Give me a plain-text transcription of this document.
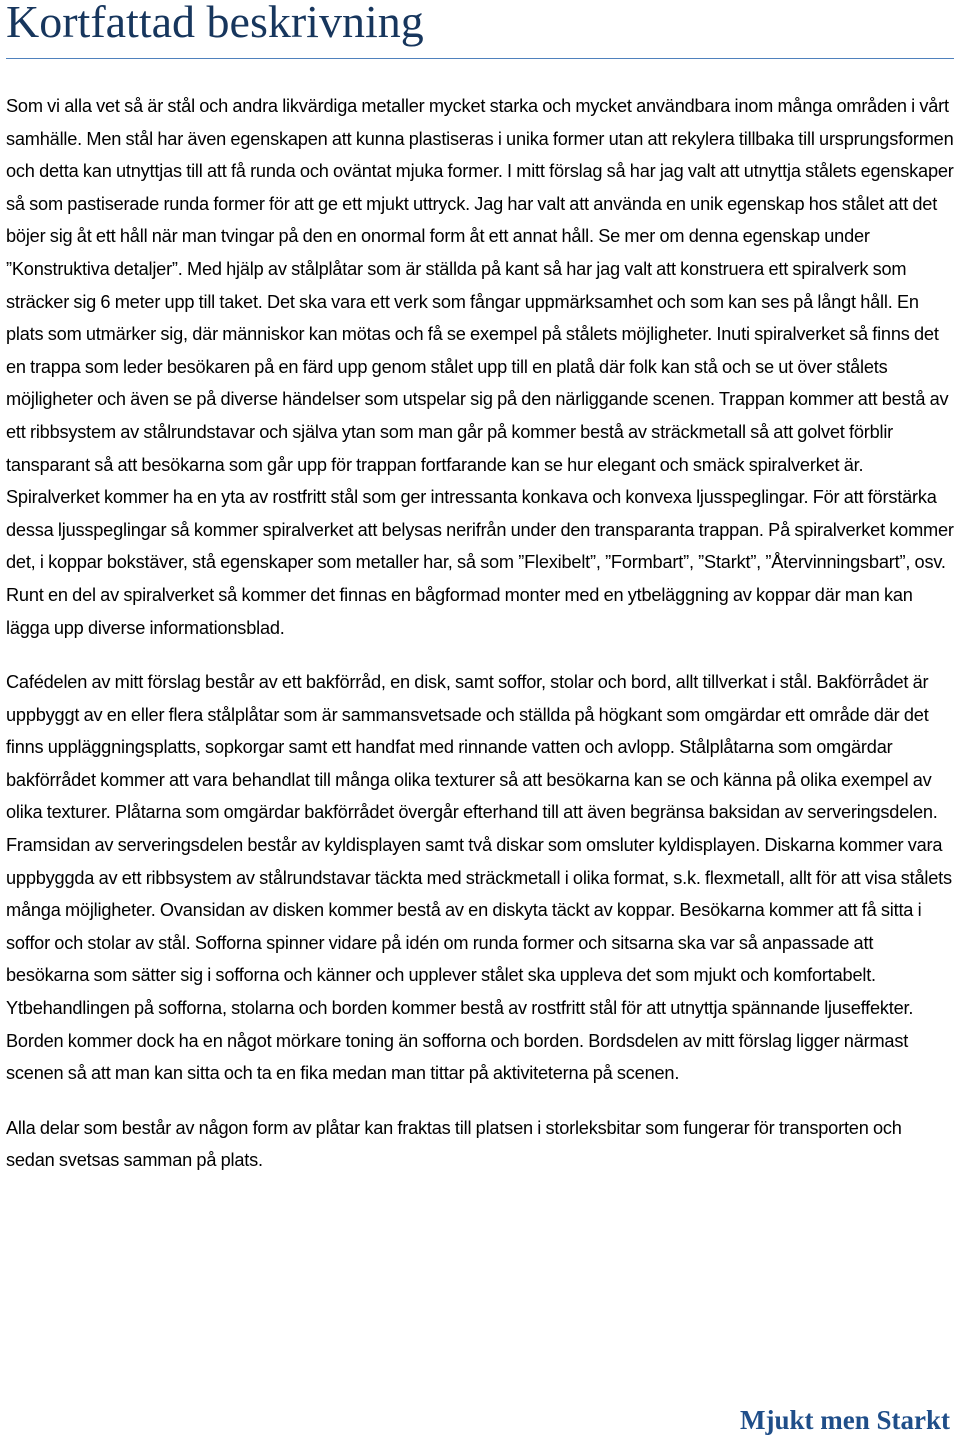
Kortfattad beskrivning

Som vi alla vet så är stål och andra likvärdiga metaller mycket starka och mycket användbara inom många områden i vårt samhälle. Men stål har även egenskapen att kunna plastiseras i unika former utan att rekylera tillbaka till ursprungsformen och detta kan utnyttjas till att få runda och oväntat mjuka former. I mitt förslag så har jag valt att utnyttja stålets egenskaper så som pastiserade runda former för att ge ett mjukt uttryck. Jag har valt att använda en unik egenskap hos stålet att det böjer sig åt ett håll när man tvingar på den en onormal form åt ett annat håll. Se mer om denna egenskap under ”Konstruktiva detaljer”. Med hjälp av stålplåtar som är ställda på kant så har jag valt att konstruera ett spiralverk som sträcker sig 6 meter upp till taket. Det ska vara ett verk som fångar uppmärksamhet och som kan ses på långt håll. En plats som utmärker sig, där människor kan mötas och få se exempel på stålets möjligheter. Inuti spiralverket så finns det en trappa som leder besökaren på en färd upp genom stålet upp till en platå där folk kan stå och se ut över stålets möjligheter och även se på diverse händelser som utspelar sig på den närliggande scenen. Trappan kommer att bestå av ett ribbsystem av stålrundstavar och själva ytan som man går på kommer bestå av sträckmetall så att golvet förblir tansparant så att besökarna som går upp för trappan fortfarande kan se hur elegant och smäck spiralverket är. Spiralverket kommer ha en yta av rostfritt stål som ger intressanta konkava och konvexa ljusspeglingar. För att förstärka dessa ljusspeglingar så kommer spiralverket att belysas nerifrån under den transparanta trappan. På spiralverket kommer det, i koppar bokstäver, stå egenskaper som metaller har, så som ”Flexibelt”, ”Formbart”, ”Starkt”, ”Återvinningsbart”, osv. Runt en del av spiralverket så kommer det finnas en bågformad monter med en ytbeläggning av koppar där man kan lägga upp diverse informationsblad.

Cafédelen av mitt förslag består av ett bakförråd, en disk, samt soffor, stolar och bord, allt tillverkat i stål. Bakförrådet är uppbyggt av en eller flera stålplåtar som är sammansvetsade och ställda på högkant som omgärdar ett område där det finns uppläggningsplatts, sopkorgar samt ett handfat med rinnande vatten och avlopp. Stålplåtarna som omgärdar bakförrådet kommer att vara behandlat till många olika texturer så att besökarna kan se och känna på olika exempel av olika texturer. Plåtarna som omgärdar bakförrådet övergår efterhand till att även begränsa baksidan av serveringsdelen. Framsidan av serveringsdelen består av kyldisplayen samt två diskar som omsluter kyldisplayen. Diskarna kommer vara uppbyggda av ett ribbsystem av stålrundstavar täckta med sträckmetall i olika format, s.k. flexmetall, allt för att visa stålets många möjligheter. Ovansidan av disken kommer bestå av en diskyta täckt av koppar. Besökarna kommer att få sitta i soffor och stolar av stål. Sofforna spinner vidare på idén om runda former och sitsarna ska var så anpassade att besökarna som sätter sig i sofforna och känner och upplever stålet ska uppleva det som mjukt och komfortabelt. Ytbehandlingen på sofforna, stolarna och borden kommer bestå av rostfritt stål för att utnyttja spännande ljuseffekter. Borden kommer dock ha en något mörkare toning än sofforna och borden. Bordsdelen av mitt förslag ligger närmast scenen så att man kan sitta och ta en fika medan man tittar på aktiviteterna på scenen.

Alla delar som består av någon form av plåtar kan fraktas till platsen i storleksbitar som fungerar för transporten och sedan svetsas samman på plats.

Mjukt men Starkt
